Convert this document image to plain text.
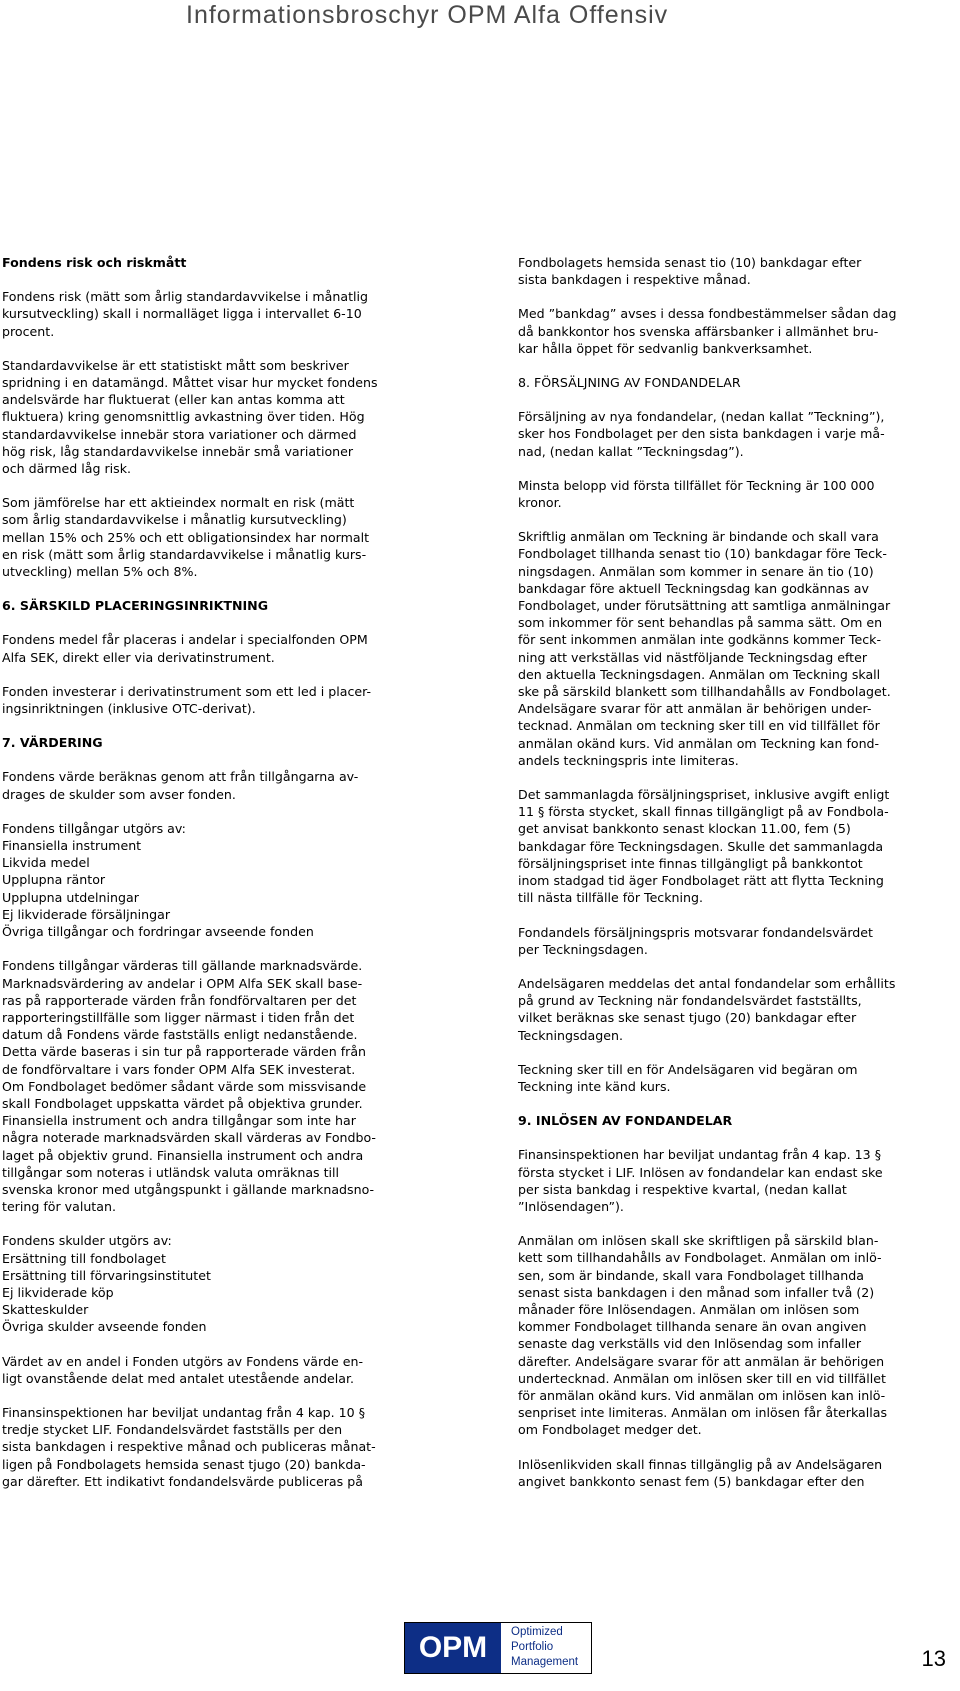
Informationsbroschyr OPM Alfa Offensiv
Fondens risk och riskmått

Fondens risk (mätt som årlig standardavvikelse i månatlig
kursutveckling) skall i normalläget ligga i intervallet 6-10
procent.

Standardavvikelse är ett statistiskt mått som beskriver
spridning i en datamängd. Måttet visar hur mycket fondens
andelsvärde har fluktuerat (eller kan antas komma att
fluktuera) kring genomsnittlig avkastning över tiden. Hög
standardavvikelse innebär stora variationer och därmed
hög risk, låg standardavvikelse innebär små variationer
och därmed låg risk.

Som jämförelse har ett aktieindex normalt en risk (mätt
som årlig standardavvikelse i månatlig kursutveckling)
mellan 15% och 25% och ett obligationsindex har normalt
en risk (mätt som årlig standardavvikelse i månatlig kurs-
utveckling) mellan 5% och 8%.

6. SÄRSKILD PLACERINGSINRIKTNING

Fondens medel får placeras i andelar i specialfonden OPM
Alfa SEK, direkt eller via derivatinstrument.

Fonden investerar i derivatinstrument som ett led i placer-
ingsinriktningen (inklusive OTC-derivat).

7. VÄRDERING

Fondens värde beräknas genom att från tillgångarna av-
drages de skulder som avser fonden.

Fondens tillgångar utgörs av:
Finansiella instrument
Likvida medel
Upplupna räntor
Upplupna utdelningar
Ej likviderade försäljningar
Övriga tillgångar och fordringar avseende fonden

Fondens tillgångar värderas till gällande marknadsvärde.
Marknadsvärdering av andelar i OPM Alfa SEK skall base-
ras på rapporterade värden från fondförvaltaren per det
rapporteringstillfälle som ligger närmast i tiden från det
datum då Fondens värde fastställs enligt nedanstående.
Detta värde baseras i sin tur på rapporterade värden från
de fondförvaltare i vars fonder OPM Alfa SEK investerat.
Om Fondbolaget bedömer sådant värde som missvisande
skall Fondbolaget uppskatta värdet på objektiva grunder.
Finansiella instrument och andra tillgångar som inte har
några noterade marknadsvärden skall värderas av Fondbo-
laget på objektiv grund. Finansiella instrument och andra
tillgångar som noteras i utländsk valuta omräknas till
svenska kronor med utgångspunkt i gällande marknadsno-
tering för valutan.

Fondens skulder utgörs av:
Ersättning till fondbolaget
Ersättning till förvaringsinstitutet
Ej likviderade köp
Skatteskulder
Övriga skulder avseende fonden

Värdet av en andel i Fonden utgörs av Fondens värde en-
ligt ovanstående delat med antalet utestående andelar.

Finansinspektionen har beviljat undantag från 4 kap. 10 §
tredje stycket LIF. Fondandelsvärdet fastställs per den
sista bankdagen i respektive månad och publiceras månat-
ligen på Fondbolagets hemsida senast tjugo (20) bankda-
gar därefter. Ett indikativt fondandelsvärde publiceras på

Fondbolagets hemsida senast tio (10) bankdagar efter
sista bankdagen i respektive månad.

Med ”bankdag” avses i dessa fondbestämmelser sådan dag
då bankkontor hos svenska affärsbanker i allmänhet bru-
kar hålla öppet för sedvanlig bankverksamhet.

8. FÖRSÄLJNING AV FONDANDELAR

Försäljning av nya fondandelar, (nedan kallat ”Teckning”),
sker hos Fondbolaget per den sista bankdagen i varje må-
nad, (nedan kallat ”Teckningsdag”).

Minsta belopp vid första tillfället för Teckning är 100 000
kronor.

Skriftlig anmälan om Teckning är bindande och skall vara
Fondbolaget tillhanda senast tio (10) bankdagar före Teck-
ningsdagen. Anmälan som kommer in senare än tio (10)
bankdagar före aktuell Teckningsdag kan godkännas av
Fondbolaget, under förutsättning att samtliga anmälningar
som inkommer för sent behandlas på samma sätt. Om en
för sent inkommen anmälan inte godkänns kommer Teck-
ning att verkställas vid nästföljande Teckningsdag efter
den aktuella Teckningsdagen. Anmälan om Teckning skall
ske på särskild blankett som tillhandahålls av Fondbolaget.
Andelsägare svarar för att anmälan är behörigen under-
tecknad. Anmälan om teckning sker till en vid tillfället för
anmälan okänd kurs. Vid anmälan om Teckning kan fond-
andels teckningspris inte limiteras.

Det sammanlagda försäljningspriset, inklusive avgift enligt
11 § första stycket, skall finnas tillgängligt på av Fondbola-
get anvisat bankkonto senast klockan 11.00, fem (5)
bankdagar före Teckningsdagen. Skulle det sammanlagda
försäljningspriset inte finnas tillgängligt på bankkontot
inom stadgad tid äger Fondbolaget rätt att flytta Teckning
till nästa tillfälle för Teckning.

Fondandels försäljningspris motsvarar fondandelsvärdet
per Teckningsdagen.

Andelsägaren meddelas det antal fondandelar som erhållits
på grund av Teckning när fondandelsvärdet fastställts,
vilket beräknas ske senast tjugo (20) bankdagar efter
Teckningsdagen.

Teckning sker till en för Andelsägaren vid begäran om
Teckning inte känd kurs.

9. INLÖSEN AV FONDANDELAR

Finansinspektionen har beviljat undantag från 4 kap. 13 §
första stycket i LIF. Inlösen av fondandelar kan endast ske
per sista bankdag i respektive kvartal, (nedan kallat
”Inlösendagen”).

Anmälan om inlösen skall ske skriftligen på särskild blan-
kett som tillhandahålls av Fondbolaget. Anmälan om inlö-
sen, som är bindande, skall vara Fondbolaget tillhanda
senast sista bankdagen i den månad som infaller två (2)
månader före Inlösendagen. Anmälan om inlösen som
kommer Fondbolaget tillhanda senare än ovan angiven
senaste dag verkställs vid den Inlösendag som infaller
därefter. Andelsägare svarar för att anmälan är behörigen
undertecknad. Anmälan om inlösen sker till en vid tillfället
för anmälan okänd kurs. Vid anmälan om inlösen kan inlö-
senpriset inte limiteras. Anmälan om inlösen får återkallas
om Fondbolaget medger det.

Inlösenlikviden skall finnas tillgänglig på av Andelsägaren
angivet bankkonto senast fem (5) bankdagar efter den

OPM	Optimized
Portfolio
Management	13
